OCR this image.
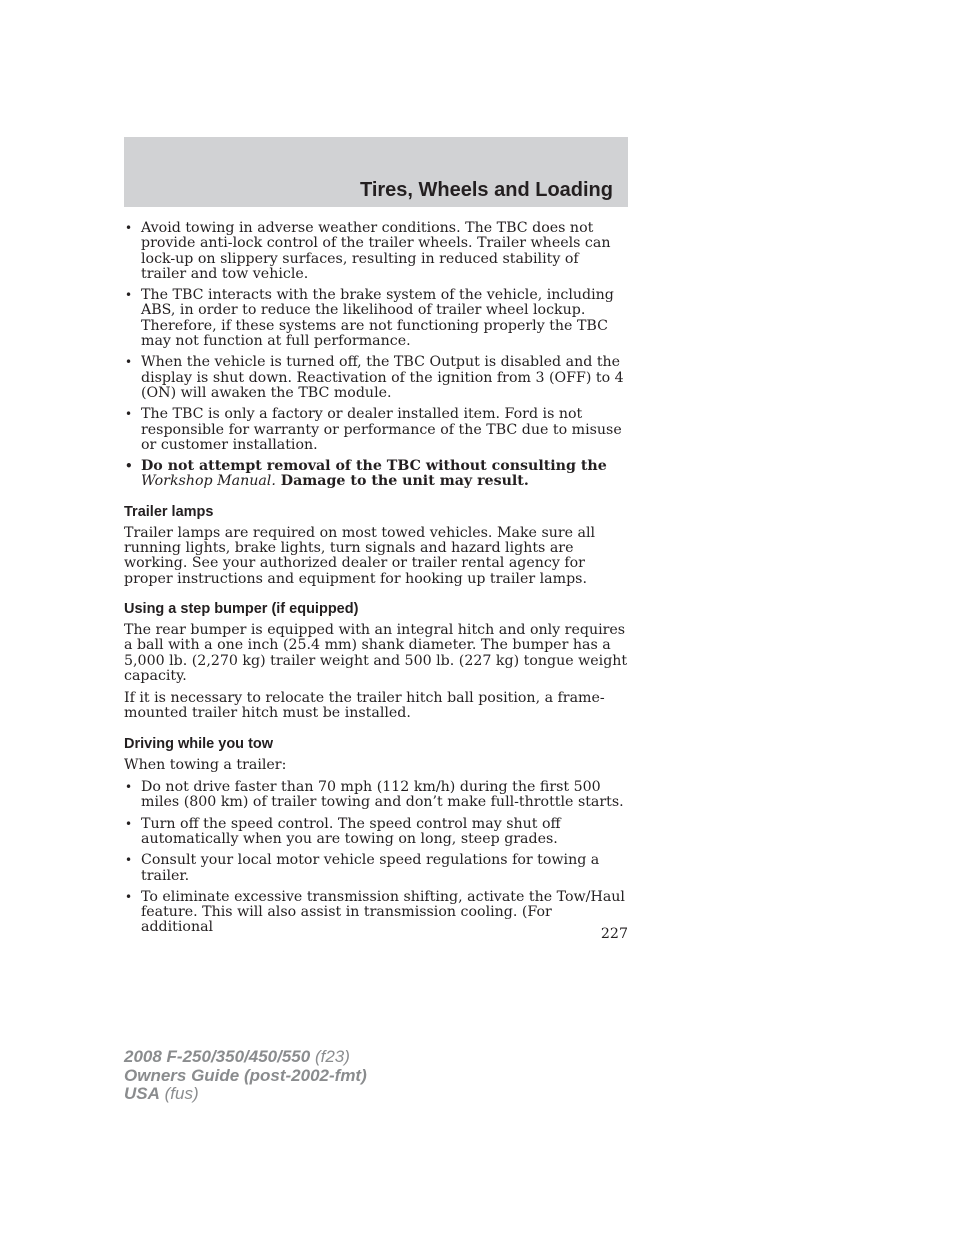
Tires, Wheels and Loading
• Avoid towing in adverse weather conditions. The TBC does not provide anti-lock control of the trailer wheels. Trailer wheels can lock-up on slippery surfaces, resulting in reduced stability of trailer and tow vehicle.
• The TBC interacts with the brake system of the vehicle, including ABS, in order to reduce the likelihood of trailer wheel lockup. Therefore, if these systems are not functioning properly the TBC may not function at full performance.
• When the vehicle is turned off, the TBC Output is disabled and the display is shut down. Reactivation of the ignition from 3 (OFF) to 4 (ON) will awaken the TBC module.
• The TBC is only a factory or dealer installed item. Ford is not responsible for warranty or performance of the TBC due to misuse or customer installation.
• Do not attempt removal of the TBC without consulting the Workshop Manual. Damage to the unit may result.
Trailer lamps

Trailer lamps are required on most towed vehicles. Make sure all running lights, brake lights, turn signals and hazard lights are working. See your authorized dealer or trailer rental agency for proper instructions and equipment for hooking up trailer lamps.

Using a step bumper (if equipped)

The rear bumper is equipped with an integral hitch and only requires a ball with a one inch (25.4 mm) shank diameter. The bumper has a 5,000 lb. (2,270 kg) trailer weight and 500 lb. (227 kg) tongue weight capacity.

If it is necessary to relocate the trailer hitch ball position, a frame-mounted trailer hitch must be installed.

Driving while you tow

When towing a trailer:

• Do not drive faster than 70 mph (112 km/h) during the first 500 miles (800 km) of trailer towing and don’t make full-throttle starts.
• Turn off the speed control. The speed control may shut off automatically when you are towing on long, steep grades.
• Consult your local motor vehicle speed regulations for towing a trailer.
• To eliminate excessive transmission shifting, activate the Tow/Haul feature. This will also assist in transmission cooling. (For additional	227
2008 F-250/350/450/550 (f23)
Owners Guide (post-2002-fmt)
USA (fus)
